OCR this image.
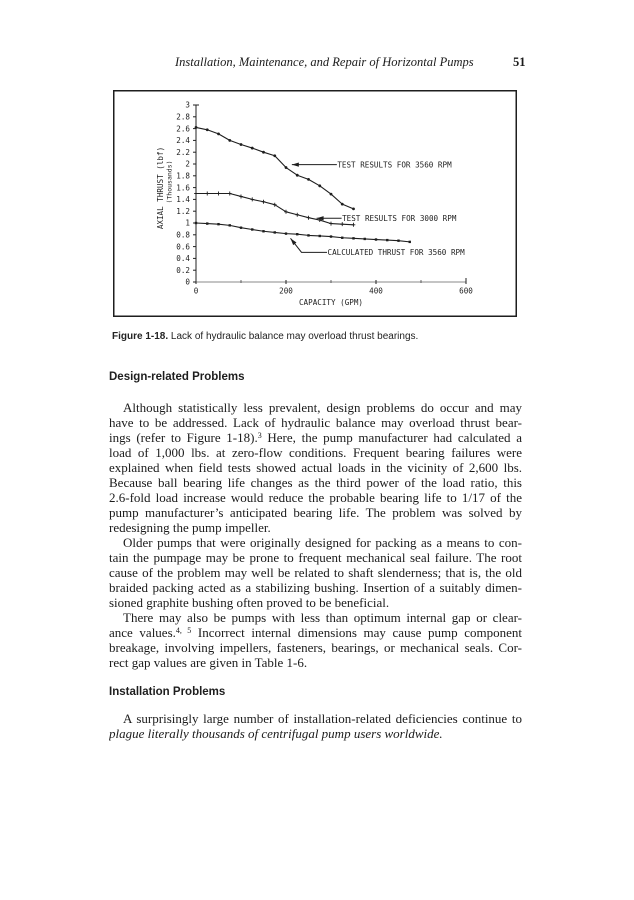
Installation, Maintenance, and Repair of Horizontal Pumps	51
0
0.2
0.4
0.6
0.8
1
1.2
1.4
1.6
1.8
2
2.2
2.4
2.6
2.8
3
0	200	400	600
TEST RESULTS FOR 3560 RPM
TEST RESULTS FOR 3000 RPM
CALCULATED THRUST FOR 3560 RPM
AXIAL THRUST (lbf) (Thousands)
CAPACITY (GPM)
Figure 1-18. Lack of hydraulic balance may overload thrust bearings.
Design-related Problems
Although statistically less prevalent, design problems do occur and may
have to be addressed. Lack of hydraulic balance may overload thrust bear-
ings (refer to Figure 1-18).$^3$ Here, the pump manufacturer had calculated a
load of 1,000 lbs. at zero-flow conditions. Frequent bearing failures were
explained when field tests showed actual loads in the vicinity of 2,600 lbs.
Because ball bearing life changes as the third power of the load ratio, this
2.6-fold load increase would reduce the probable bearing life to 1/17 of the
pump manufacturer’s anticipated bearing life. The problem was solved by
redesigning the pump impeller.
Older pumps that were originally designed for packing as a means to con-
tain the pumpage may be prone to frequent mechanical seal failure. The root
cause of the problem may well be related to shaft slenderness; that is, the old
braided packing acted as a stabilizing bushing. Insertion of a suitably dimen-
sioned graphite bushing often proved to be beneficial.
There may also be pumps with less than optimum internal gap or clear-
ance values.$^{4, 5}$ Incorrect internal dimensions may cause pump component
breakage, involving impellers, fasteners, bearings, or mechanical seals. Cor-
rect gap values are given in Table 1-6.
Installation Problems
A surprisingly large number of installation-related deficiencies continue to
plague literally thousands of centrifugal pump users worldwide.
